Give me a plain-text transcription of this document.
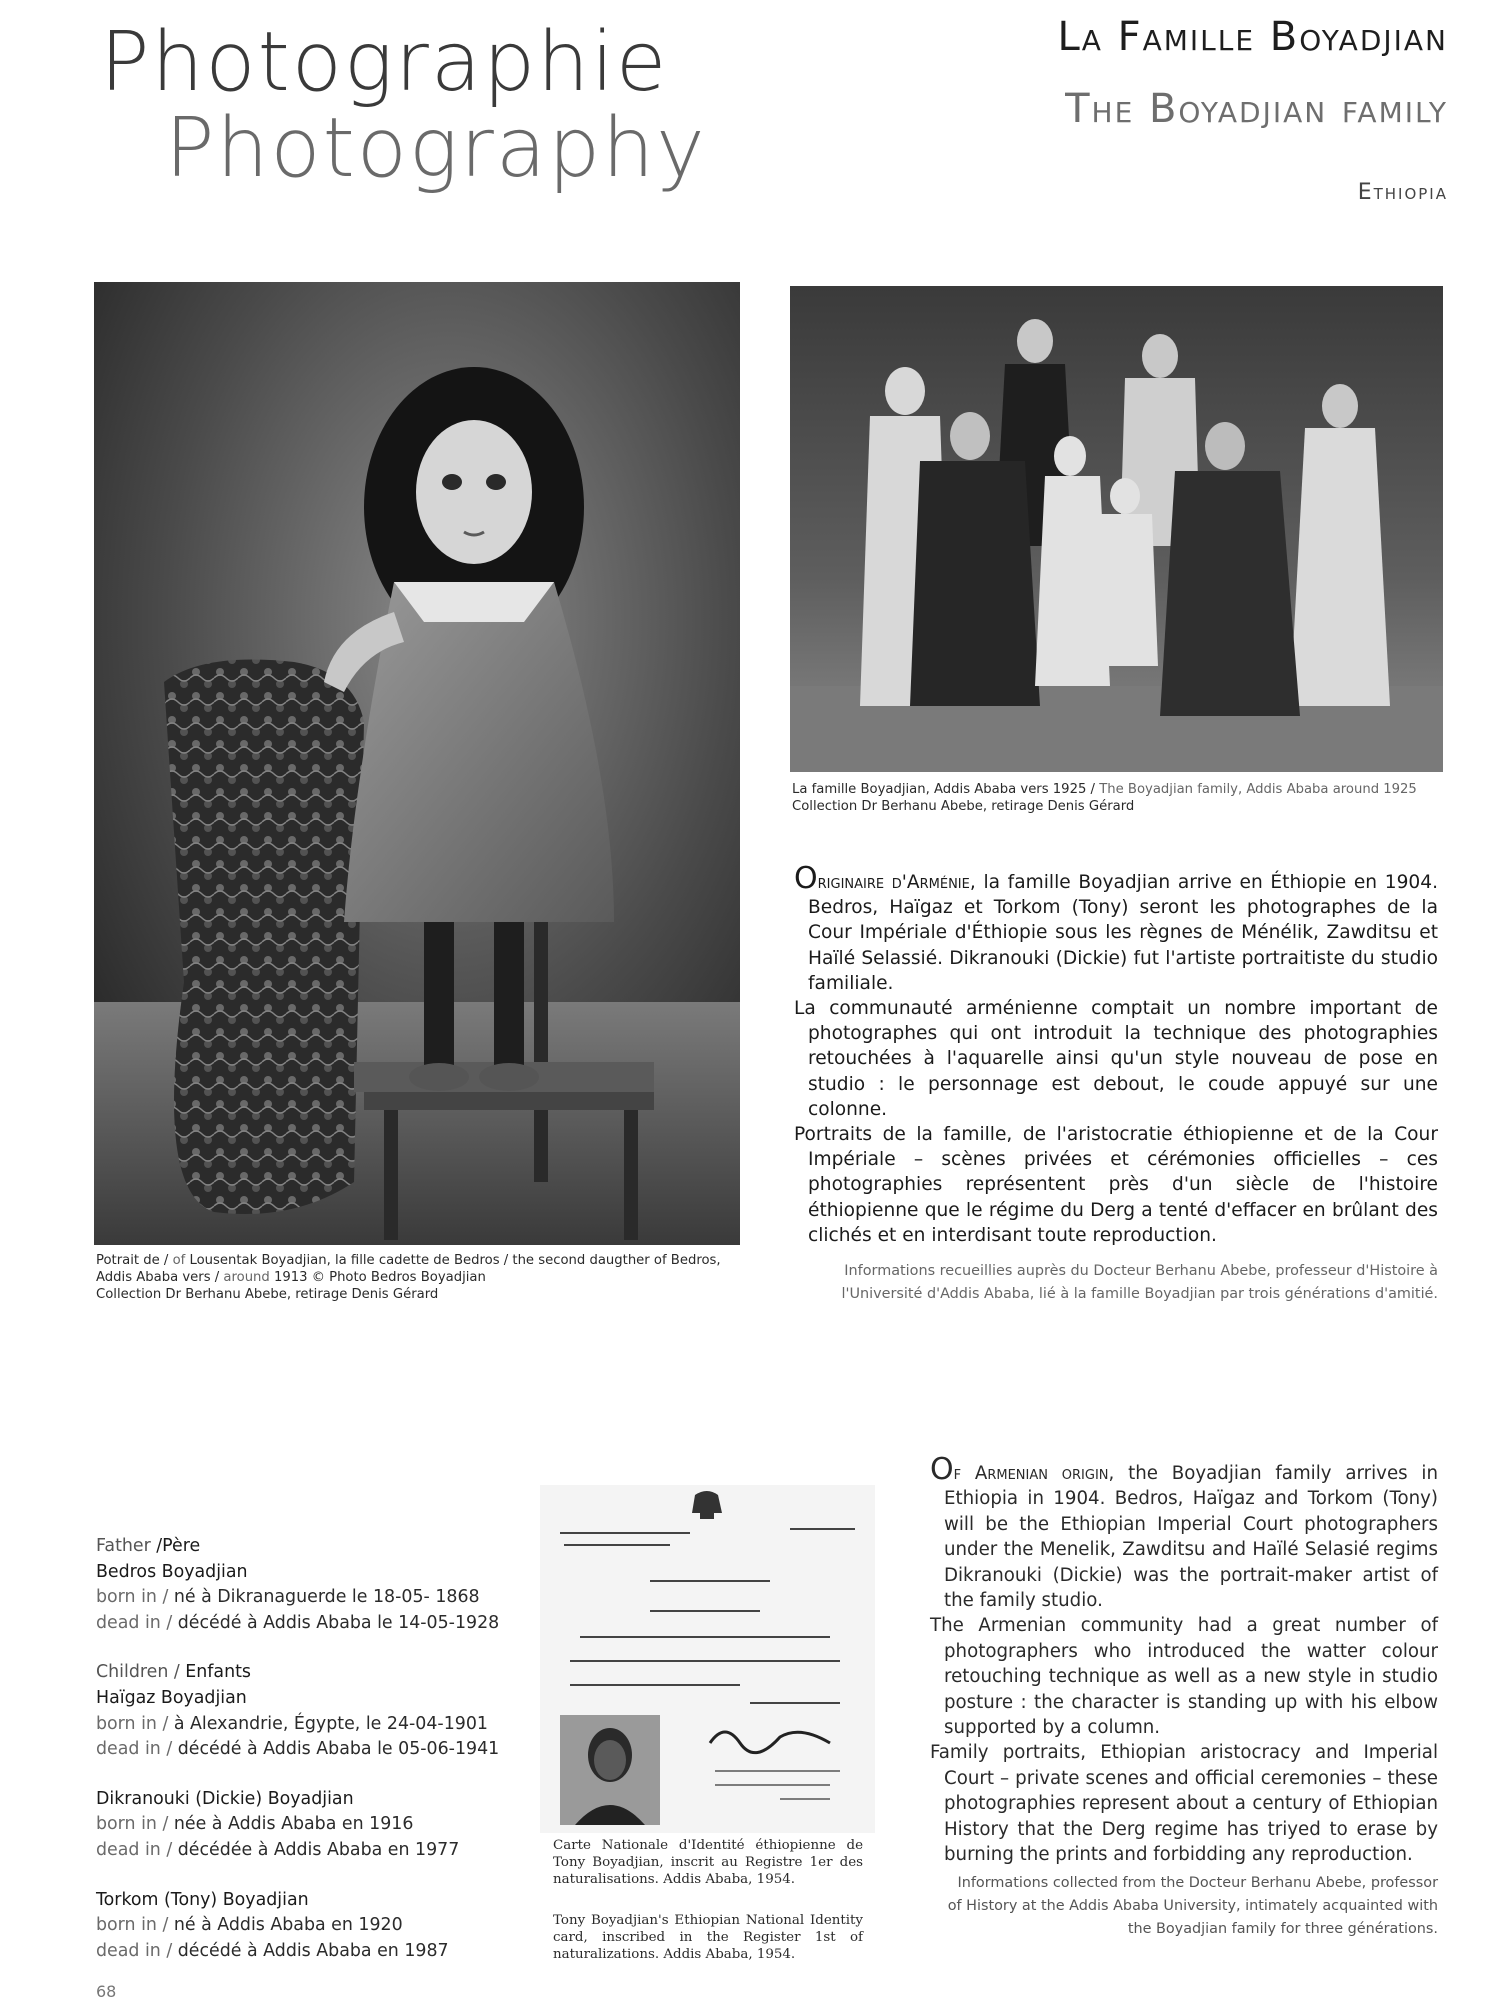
Photographie
Photography
La Famille Boyadjian
The Boyadjian family
Ethiopia
Potrait de / of Lousentak Boyadjian, la fille cadette de Bedros / the second daugther of Bedros,
Addis Ababa vers / around 1913 © Photo Bedros Boyadjian
Collection Dr Berhanu Abebe, retirage Denis Gérard
La famille Boyadjian, Addis Ababa vers 1925 / The Boyadjian family, Addis Ababa around 1925
Collection Dr Berhanu Abebe, retirage Denis Gérard

Originaire d'Arménie, la famille Boyadjian arrive en Éthiopie en 1904. Bedros, Haïgaz et Torkom (Tony) seront les photographes de la Cour Impériale d'Éthiopie sous les règnes de Ménélik, Zawditsu et Haïlé Selassié. Dikranouki (Dickie) fut l'artiste portraitiste du studio familiale.

La communauté arménienne comptait un nombre important de photographes qui ont introduit la technique des photographies retouchées à l'aquarelle ainsi qu'un style nouveau de pose en studio : le personnage est debout, le coude appuyé sur une colonne.

Portraits de la famille, de l'aristocratie éthiopienne et de la Cour Impériale – scènes privées et cérémonies officielles – ces photographies représentent près d'un siècle de l'histoire éthiopienne que le régime du Derg a tenté d'effacer en brûlant des clichés et en interdisant toute reproduction.

Informations recueillies auprès du Docteur Berhanu Abebe, professeur d'Histoire à
l'Université d'Addis Ababa, lié à la famille Boyadjian par trois générations d'amitié.
Father /Père
Bedros Boyadjian
born in / né à Dikranaguerde le 18-05- 1868
dead in / décédé à Addis Ababa le 14-05-1928
Children / Enfants
Haïgaz Boyadjian
born in / à Alexandrie, Égypte, le 24-04-1901
dead in / décédé à Addis Ababa le 05-06-1941
Dikranouki (Dickie) Boyadjian
born in / née à Addis Ababa en 1916
dead in / décédée à Addis Ababa en 1977
Torkom (Tony) Boyadjian
born in / né à Addis Ababa en 1920
dead in / décédé à Addis Ababa en 1987
Carte Nationale d'Identité éthiopienne de Tony Boyadjian, inscrit au Registre 1er des naturalisations. Addis Ababa, 1954.
Tony Boyadjian's Ethiopian National Identity card, inscribed in the Register 1st of naturalizations. Addis Ababa, 1954.

Of Armenian origin, the Boyadjian family arrives in Ethiopia in 1904. Bedros, Haïgaz and Torkom (Tony) will be the Ethiopian Imperial Court photographers under the Menelik, Zawditsu and Haïlé Selasié regims Dikranouki (Dickie) was the portrait-maker artist of the family studio.

The Armenian community had a great number of photographers who introduced the watter colour retouching technique as well as a new style in studio posture : the character is standing up with his elbow supported by a column.

Family portraits, Ethiopian aristocracy and Imperial Court – private scenes and official ceremonies – these photographies represent about a century of Ethiopian History that the Derg regime has triyed to erase by burning the prints and forbidding any reproduction.

Informations collected from the Docteur Berhanu Abebe, professor
of History at the Addis Ababa University, intimately acquainted with
the Boyadjian family for three générations.
68
